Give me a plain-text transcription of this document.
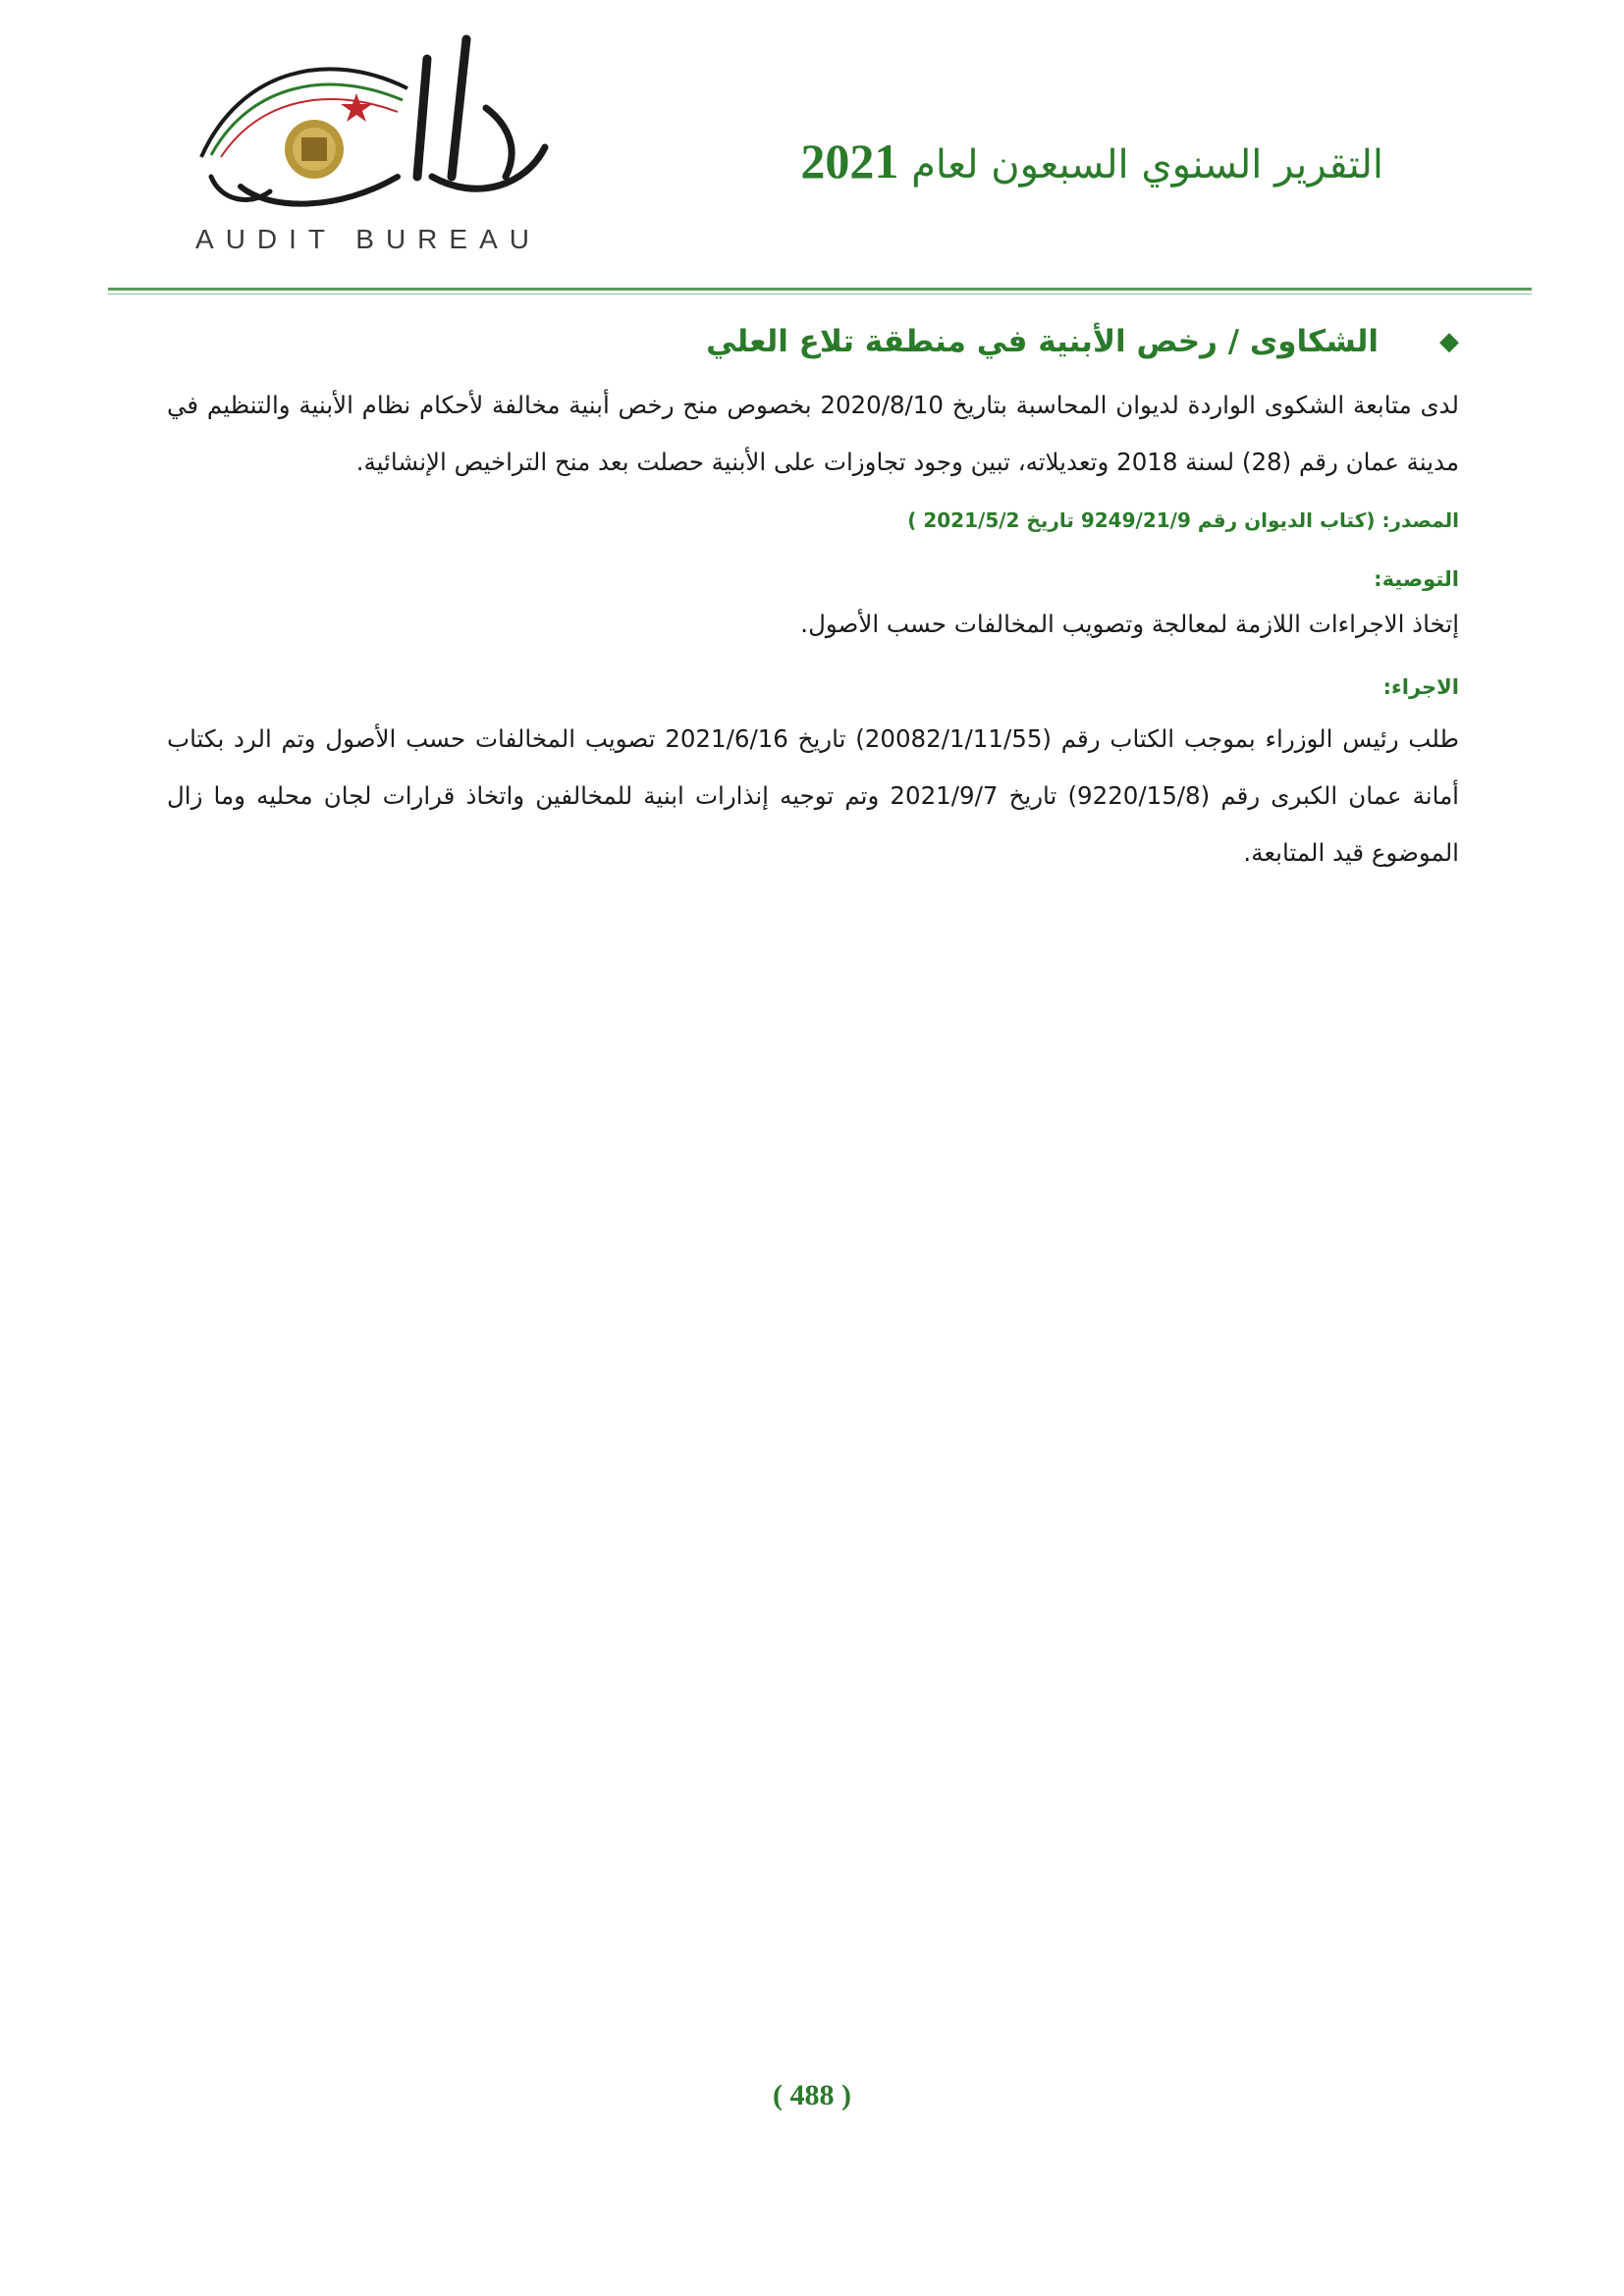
AUDIT BUREAU
التقرير السنوي السبعون لعام 2021
◆
الشكاوى / رخص الأبنية في منطقة تلاع العلي
لدى متابعة الشكوى الواردة لديوان المحاسبة بتاريخ 2020/8/10 بخصوص منح رخص أبنية مخالفة لأحكام نظام الأبنية والتنظيم في مدينة عمان رقم (28) لسنة 2018 وتعديلاته، تبين وجود تجاوزات على الأبنية حصلت بعد منح التراخيص الإنشائية.
المصدر: (كتاب الديوان رقم 9249/21/9 تاريخ 2021/5/2 )
التوصية:
إتخاذ الاجراءات اللازمة لمعالجة وتصويب المخالفات حسب الأصول.
الاجراء:
طلب رئيس الوزراء بموجب الكتاب رقم (20082/1/11/55) تاريخ 2021/6/16 تصويب المخالفات حسب الأصول وتم الرد بكتاب أمانة عمان الكبرى رقم (9220/15/8) تاريخ 2021/9/7 وتم توجيه إنذارات ابنية للمخالفين واتخاذ قرارات لجان محليه وما زال الموضوع قيد المتابعة.
( 488 )
